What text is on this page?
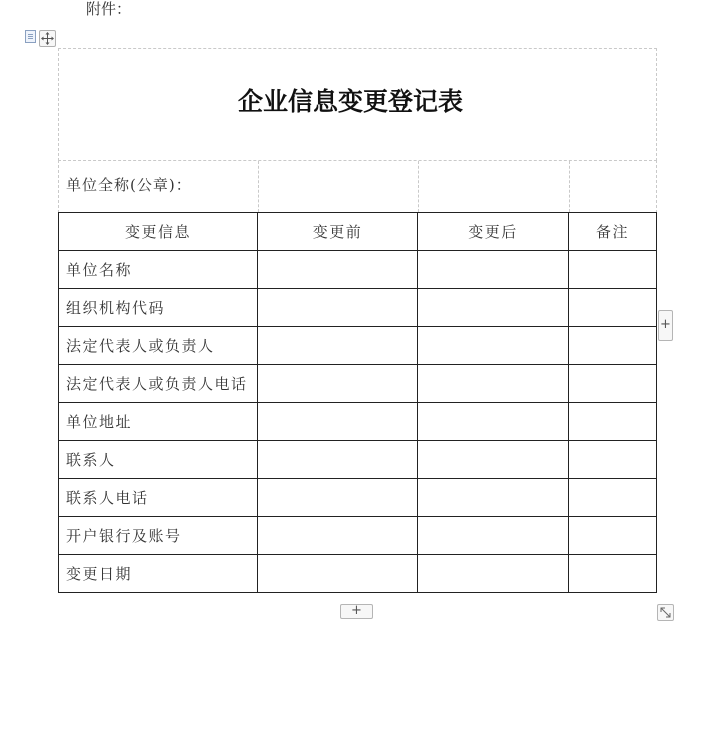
附件：
企业信息变更登记表
单位全称(公章)：
变更信息	变更前	变更后	备注
单位名称			
组织机构代码			
法定代表人或负责人			
法定代表人或负责人电话			
单位地址			
联系人			
联系人电话			
开户银行及账号			
变更日期			
+
+
